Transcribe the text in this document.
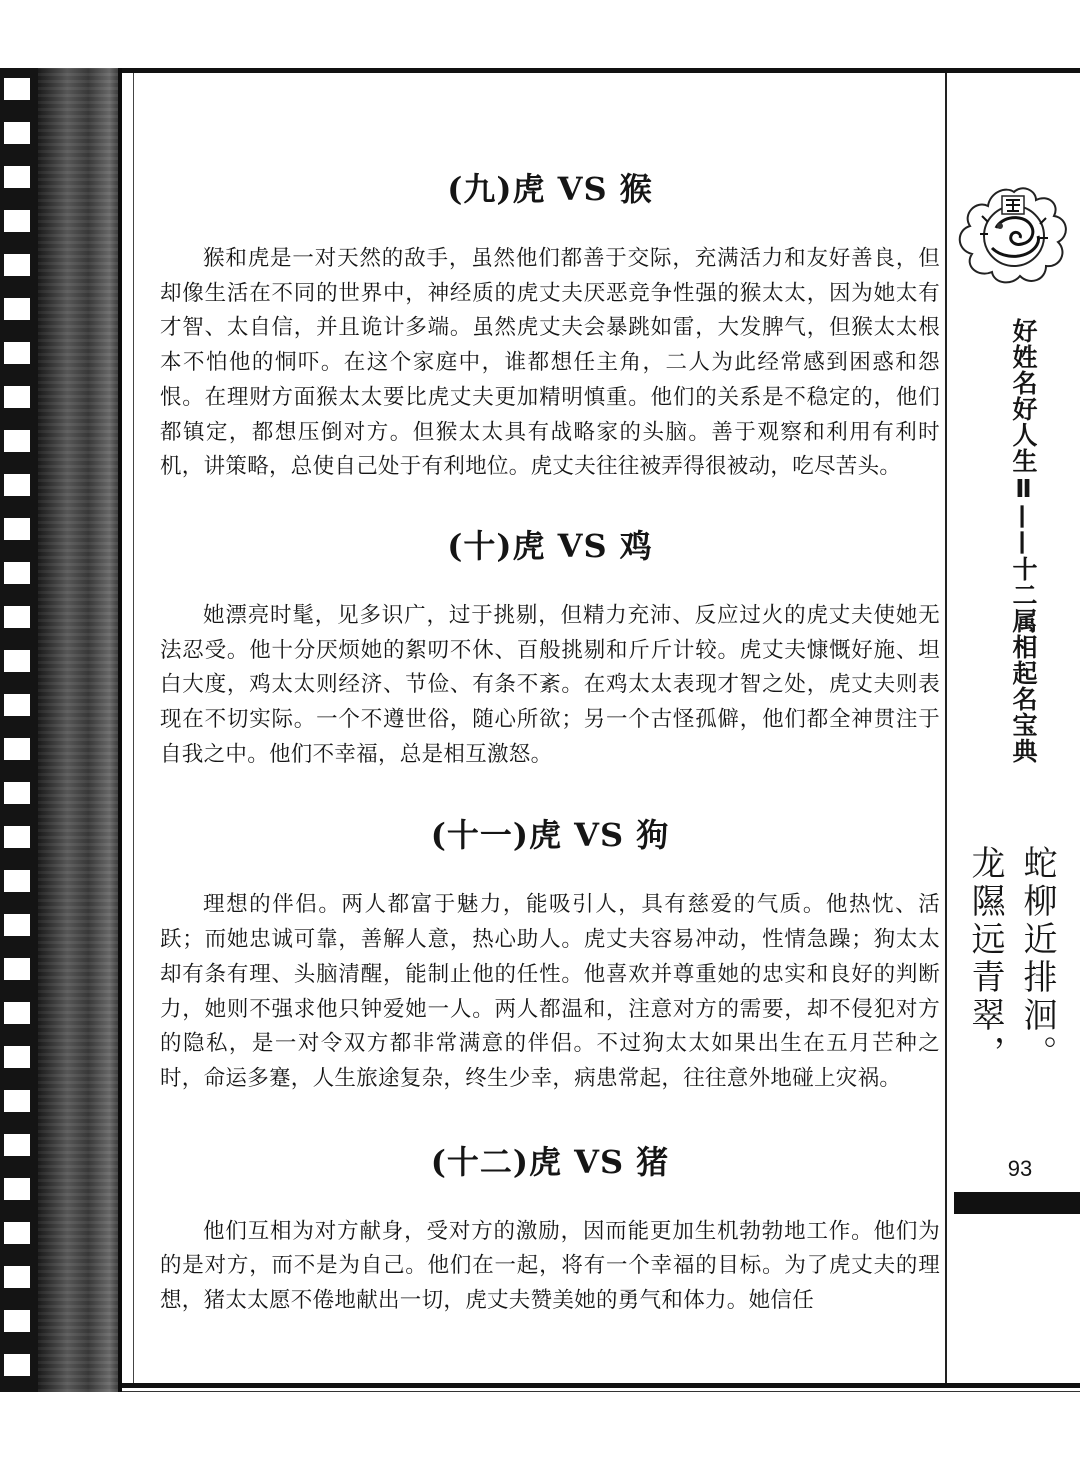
(九)虎 VS 猴

猴和虎是一对天然的敌手，虽然他们都善于交际，充满活力和友好善良，但却像生活在不同的世界中，神经质的虎丈夫厌恶竞争性强的猴太太，因为她太有才智、太自信，并且诡计多端。虽然虎丈夫会暴跳如雷，大发脾气，但猴太太根本不怕他的恫吓。在这个家庭中，谁都想任主角，二人为此经常感到困惑和怨恨。在理财方面猴太太要比虎丈夫更加精明慎重。他们的关系是不稳定的，他们都镇定，都想压倒对方。但猴太太具有战略家的头脑。善于观察和利用有利时机，讲策略，总使自己处于有利地位。虎丈夫往往被弄得很被动，吃尽苦头。

(十)虎 VS 鸡

她漂亮时髦，见多识广，过于挑剔，但精力充沛、反应过火的虎丈夫使她无法忍受。他十分厌烦她的絮叨不休、百般挑剔和斤斤计较。虎丈夫慷慨好施、坦白大度，鸡太太则经济、节俭、有条不紊。在鸡太太表现才智之处，虎丈夫则表现在不切实际。一个不遵世俗，随心所欲；另一个古怪孤僻，他们都全神贯注于自我之中。他们不幸福，总是相互激怒。

(十一)虎 VS 狗

理想的伴侣。两人都富于魅力，能吸引人，具有慈爱的气质。他热忱、活跃；而她忠诚可靠，善解人意，热心助人。虎丈夫容易冲动，性情急躁；狗太太却有条有理、头脑清醒，能制止他的任性。他喜欢并尊重她的忠实和良好的判断力，她则不强求他只钟爱她一人。两人都温和，注意对方的需要，却不侵犯对方的隐私，是一对令双方都非常满意的伴侣。不过狗太太如果出生在五月芒种之时，命运多蹇，人生旅途复杂，终生少幸，病患常起，往往意外地碰上灾祸。

(十二)虎 VS 猪

他们互相为对方献身，受对方的激励，因而能更加生机勃勃地工作。他们为的是对方，而不是为自己。他们在一起，将有一个幸福的目标。为了虎丈夫的理想，猪太太愿不倦地献出一切，虎丈夫赞美她的勇气和体力。她信任

好姓名好人生Ⅱ——十二属相起名宝典
蛇柳近排洄。
龙隰远青翠，
93
